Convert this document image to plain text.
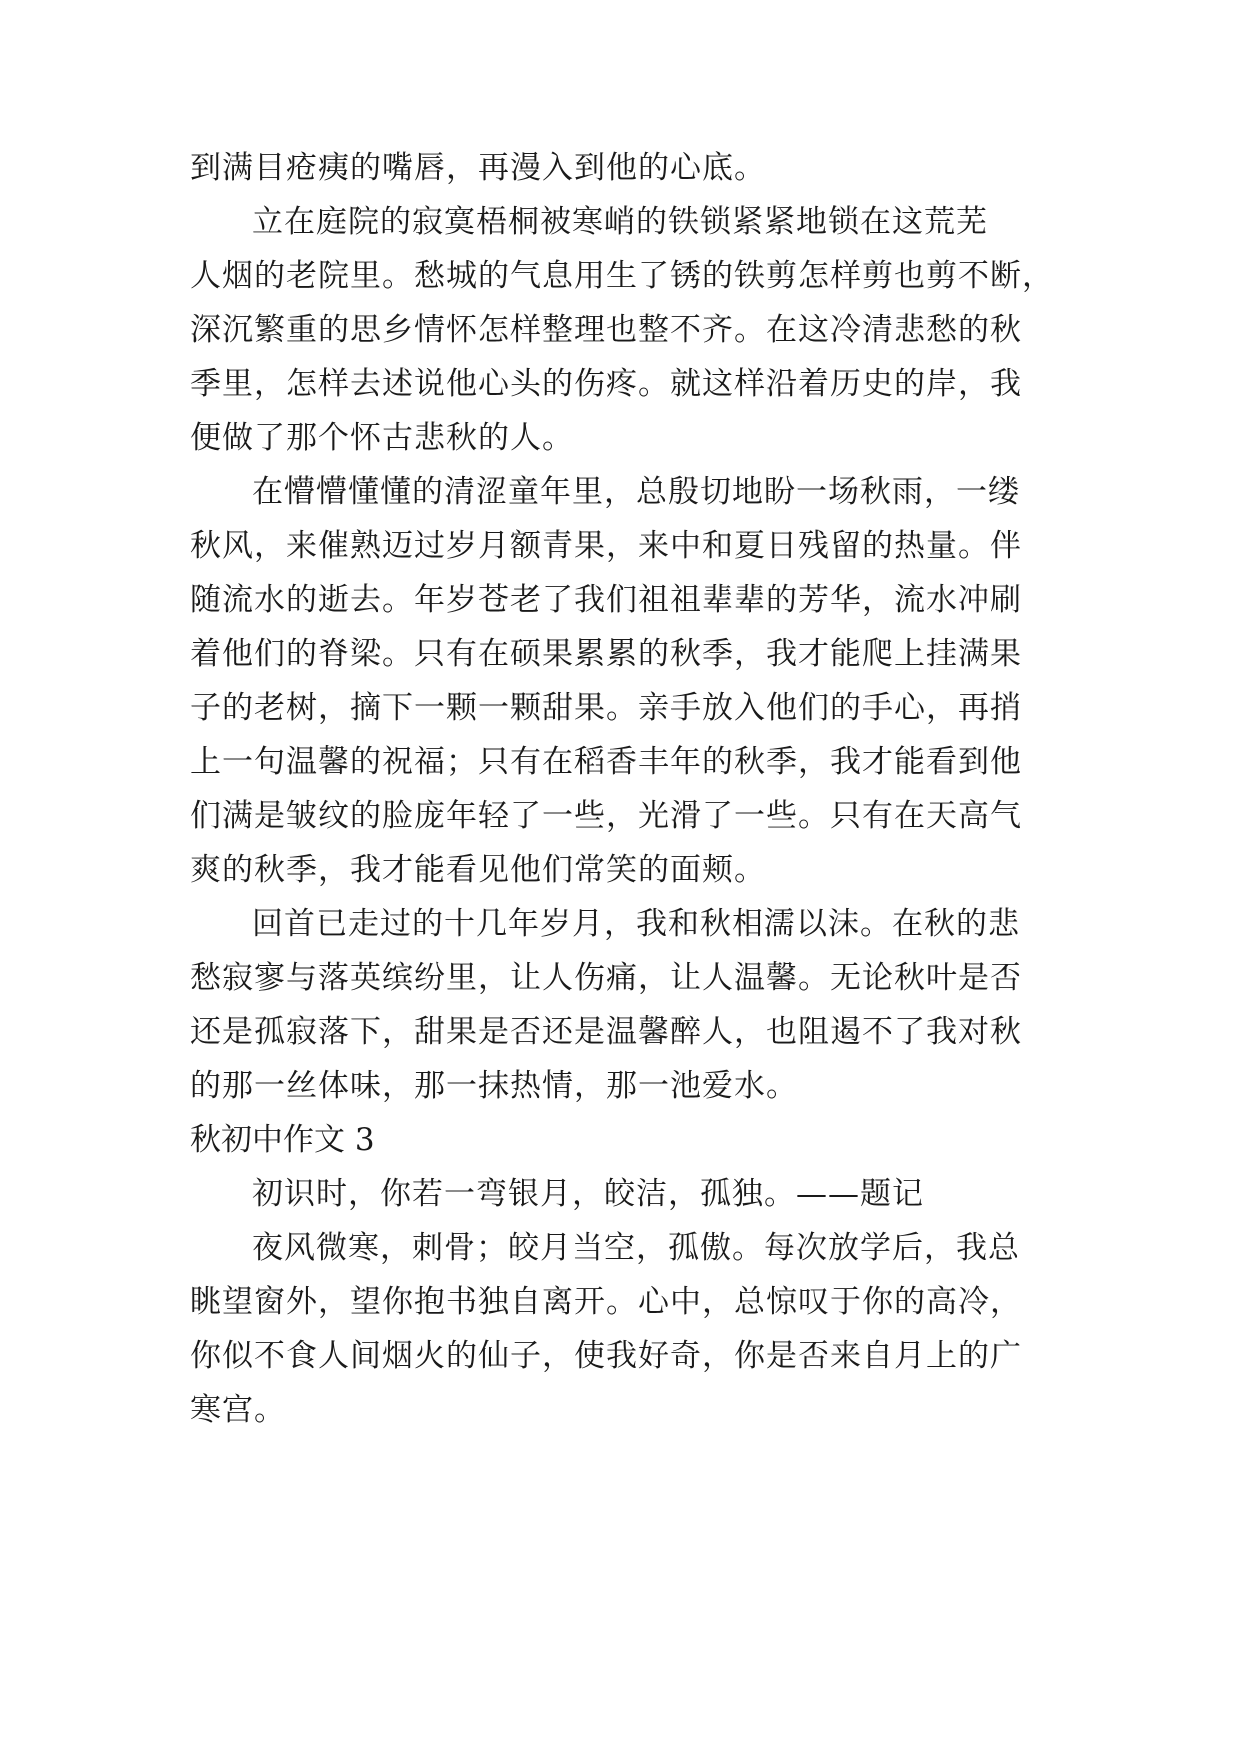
到满目疮痍的嘴唇，再漫入到他的心底。
立在庭院的寂寞梧桐被寒峭的铁锁紧紧地锁在这荒芜
人烟的老院里。愁城的气息用生了锈的铁剪怎样剪也剪不断，
深沉繁重的思乡情怀怎样整理也整不齐。在这冷清悲愁的秋
季里，怎样去述说他心头的伤疼。就这样沿着历史的岸，我
便做了那个怀古悲秋的人。
在懵懵懂懂的清涩童年里，总殷切地盼一场秋雨，一缕
秋风，来催熟迈过岁月额青果，来中和夏日残留的热量。伴
随流水的逝去。年岁苍老了我们祖祖辈辈的芳华，流水冲刷
着他们的脊梁。只有在硕果累累的秋季，我才能爬上挂满果
子的老树，摘下一颗一颗甜果。亲手放入他们的手心，再捎
上一句温馨的祝福；只有在稻香丰年的秋季，我才能看到他
们满是皱纹的脸庞年轻了一些，光滑了一些。只有在天高气
爽的秋季，我才能看见他们常笑的面颊。
回首已走过的十几年岁月，我和秋相濡以沫。在秋的悲
愁寂寥与落英缤纷里，让人伤痛，让人温馨。无论秋叶是否
还是孤寂落下，甜果是否还是温馨醉人，也阻遏不了我对秋
的那一丝体味，那一抹热情，那一池爱水。
秋初中作文 3
初识时，你若一弯银月，皎洁，孤独。——题记
夜风微寒，刺骨；皎月当空，孤傲。每次放学后，我总
眺望窗外，望你抱书独自离开。心中，总惊叹于你的高冷，
你似不食人间烟火的仙子，使我好奇，你是否来自月上的广
寒宫。
